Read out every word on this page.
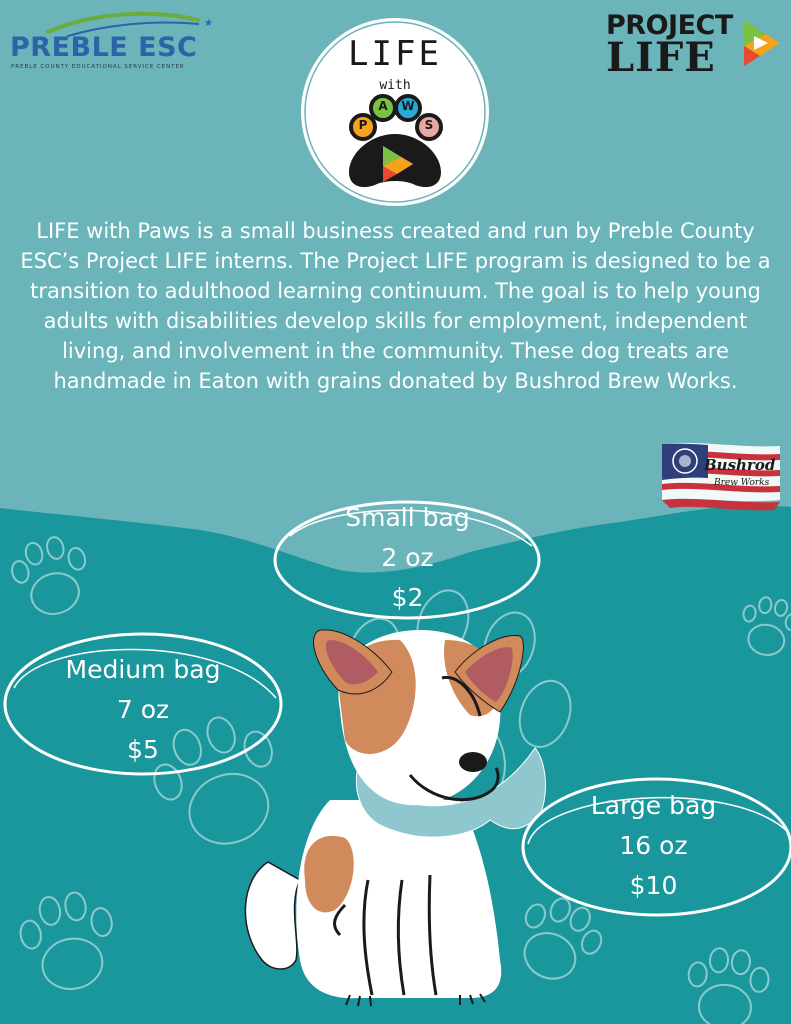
★
PREBLE ESC
PREBLE COUNTY EDUCATIONAL SERVICE CENTER
PROJECT
LIFE
LIFE
with
P
A	W
S
LIFE with Paws is a small business created and run by Preble County ESC’s Project LIFE interns. The Project LIFE program is designed to be a transition to adulthood learning continuum. The goal is to help young adults with disabilities develop skills for employment, independent living, and involvement in the community. These dog treats are handmade in Eaton with grains donated by Bushrod Brew Works.
Bushrod
Brew Works
Small bag
2 oz
$2
Medium bag
7 oz
$5
Large bag
16 oz
$10
